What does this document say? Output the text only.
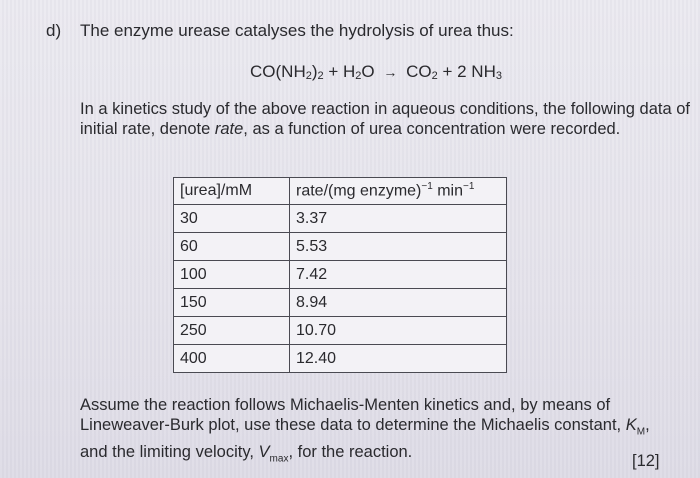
d) The enzyme urease catalyses the hydrolysis of urea thus:
$CO(NH_2)_2 + H_2O \to CO_2 + 2$ $NH_3$
In a kinetics study of the above reaction in aqueous conditions, the following data of initial rate, denote rate, as a function of urea concentration were recorded.
[urea]/mM	rate/(mg enzyme)$^{-1}$ $\min^{-1}$
30	3.37
60	5.53
100	7.42
150	8.94
250	10.70
400	12.40
Assume the reaction follows Michaelis-Menten kinetics and, by means of Lineweaver-Burk plot, use these data to determine the Michaelis constant, $K_M$, and the limiting velocity, $V_{max}$, for the reaction.	[12]
